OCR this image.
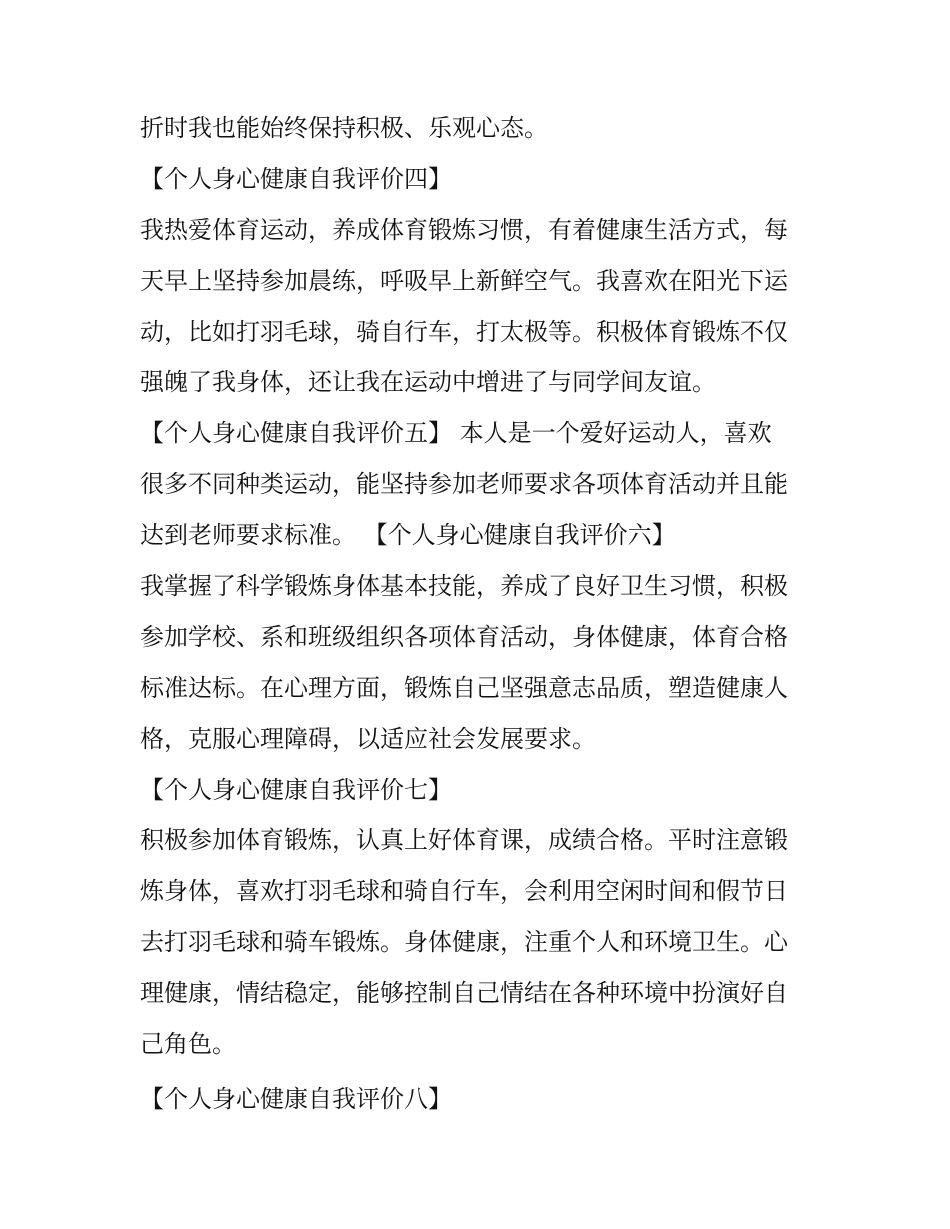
折时我也能始终保持积极、乐观心态。
【个人身心健康自我评价四】
我热爱体育运动，养成体育锻炼习惯，有着健康生活方式，每
天早上坚持参加晨练，呼吸早上新鲜空气。我喜欢在阳光下运
动，比如打羽毛球，骑自行车，打太极等。积极体育锻炼不仅
强魄了我身体，还让我在运动中增进了与同学间友谊。
【个人身心健康自我评价五】 本人是一个爱好运动人，喜欢
很多不同种类运动，能坚持参加老师要求各项体育活动并且能
达到老师要求标准。 【个人身心健康自我评价六】
我掌握了科学锻炼身体基本技能，养成了良好卫生习惯，积极
参加学校、系和班级组织各项体育活动，身体健康，体育合格
标准达标。在心理方面，锻炼自己坚强意志品质，塑造健康人
格，克服心理障碍，以适应社会发展要求。
【个人身心健康自我评价七】
积极参加体育锻炼，认真上好体育课，成绩合格。平时注意锻
炼身体，喜欢打羽毛球和骑自行车，会利用空闲时间和假节日
去打羽毛球和骑车锻炼。身体健康，注重个人和环境卫生。心
理健康，情结稳定，能够控制自己情结在各种环境中扮演好自
己角色。
【个人身心健康自我评价八】
